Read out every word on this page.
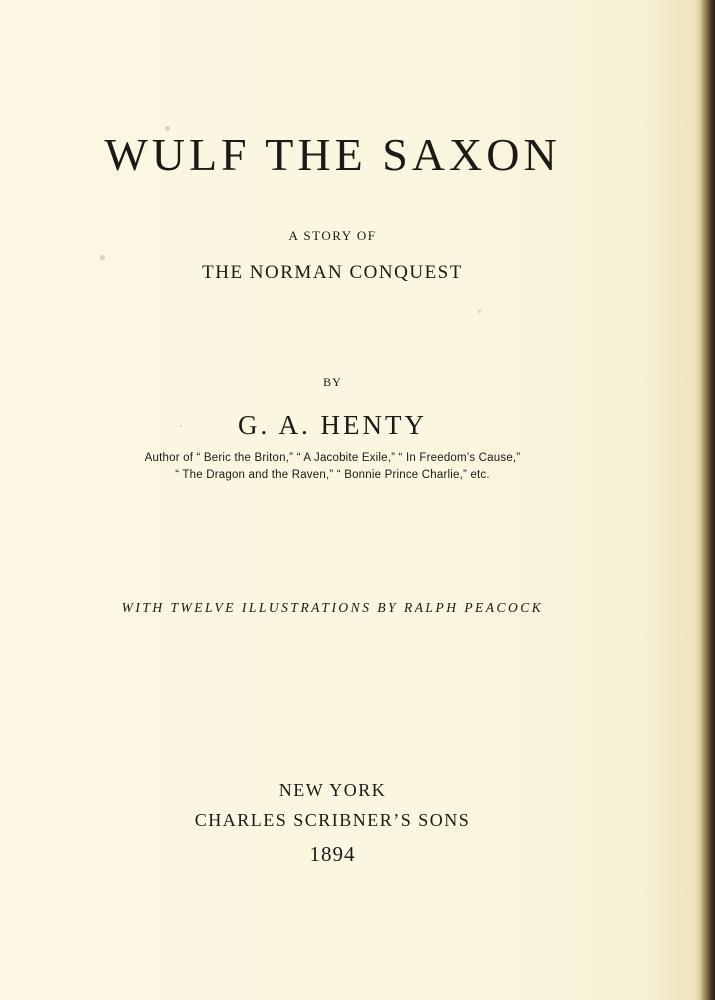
WULF THE SAXON
A STORY OF
THE NORMAN CONQUEST
BY
G. A. HENTY
Author of “ Beric the Briton,” “ A Jacobite Exile,” “ In Freedom’s Cause,”
“ The Dragon and the Raven,” “ Bonnie Prince Charlie,” etc.
WITH TWELVE ILLUSTRATIONS BY RALPH PEACOCK
NEW YORK
CHARLES SCRIBNER’S SONS
1894
